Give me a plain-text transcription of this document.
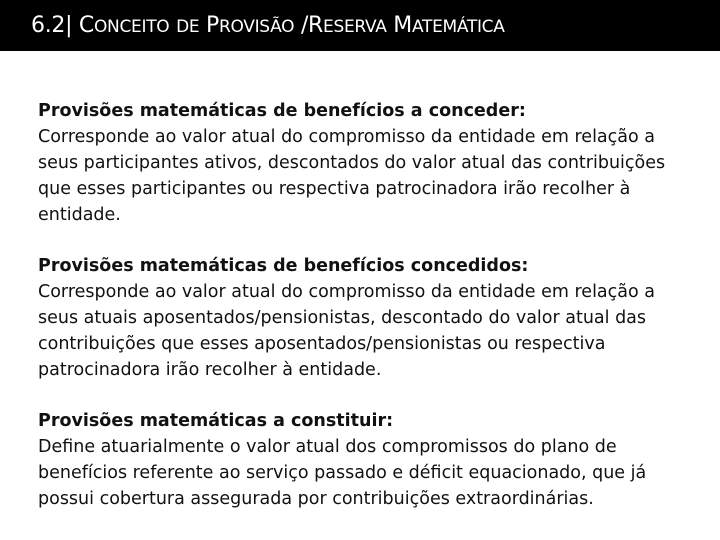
6.2| CONCEITO DE PROVISÃO /RESERVA MATEMÁTICA

Provisões matemáticas de benefícios a conceder:
Corresponde ao valor atual do compromisso da entidade em relação a seus participantes ativos, descontados do valor atual das contribuições que esses participantes ou respectiva patrocinadora irão recolher à entidade.

Provisões matemáticas de benefícios concedidos:
Corresponde ao valor atual do compromisso da entidade em relação a seus atuais aposentados/pensionistas, descontado do valor atual das contribuições que esses aposentados/pensionistas ou respectiva patrocinadora irão recolher à entidade.

Provisões matemáticas a constituir:
Define atuarialmente o valor atual dos compromissos do plano de benefícios referente ao serviço passado e déficit equacionado, que já possui cobertura assegurada por contribuições extraordinárias.
